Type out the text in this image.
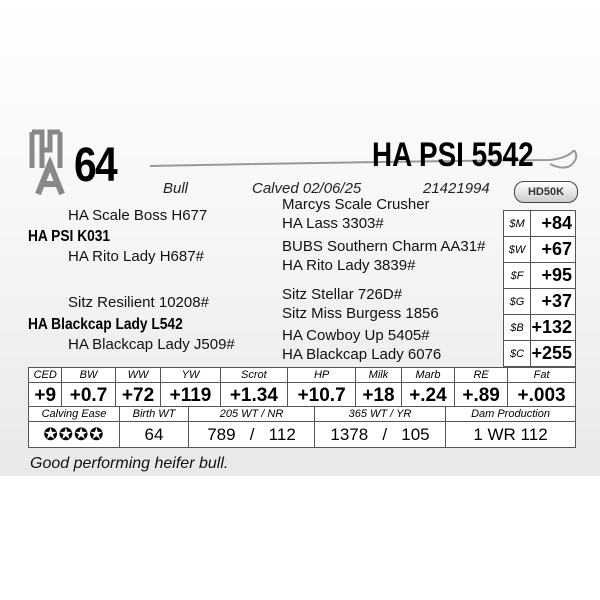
64	HA PSI 5542
Bull	Calved 02/06/25	21421994	HD50K
HA Scale Boss H677
HA PSI K031
HA Rito Lady H687#
Sitz Resilient 10208#
HA Blackcap Lady L542
HA Blackcap Lady J509#
Marcys Scale Crusher
HA Lass 3303#
BUBS Southern Charm AA31#
HA Rito Lady 3839#
Sitz Stellar 726D#
Sitz Miss Burgess 1856
HA Cowboy Up 5405#
HA Blackcap Lady 6076
$M	+84
$W	+67
$F	+95
$G	+37
$B	+132
$C	+255
CED	BW	WW	YW	Scrot	HP	Milk	Marb	RE	Fat
+9	+0.7	+72	+119	+1.34	+10.7	+18	+.24	+.89	+.003
Calving Ease	Birth WT	205 WT / NR	365 WT / YR	Dam Production
✪✪✪✪	64	789 / 112	1378 / 105	1 WR 112
Good performing heifer bull.
